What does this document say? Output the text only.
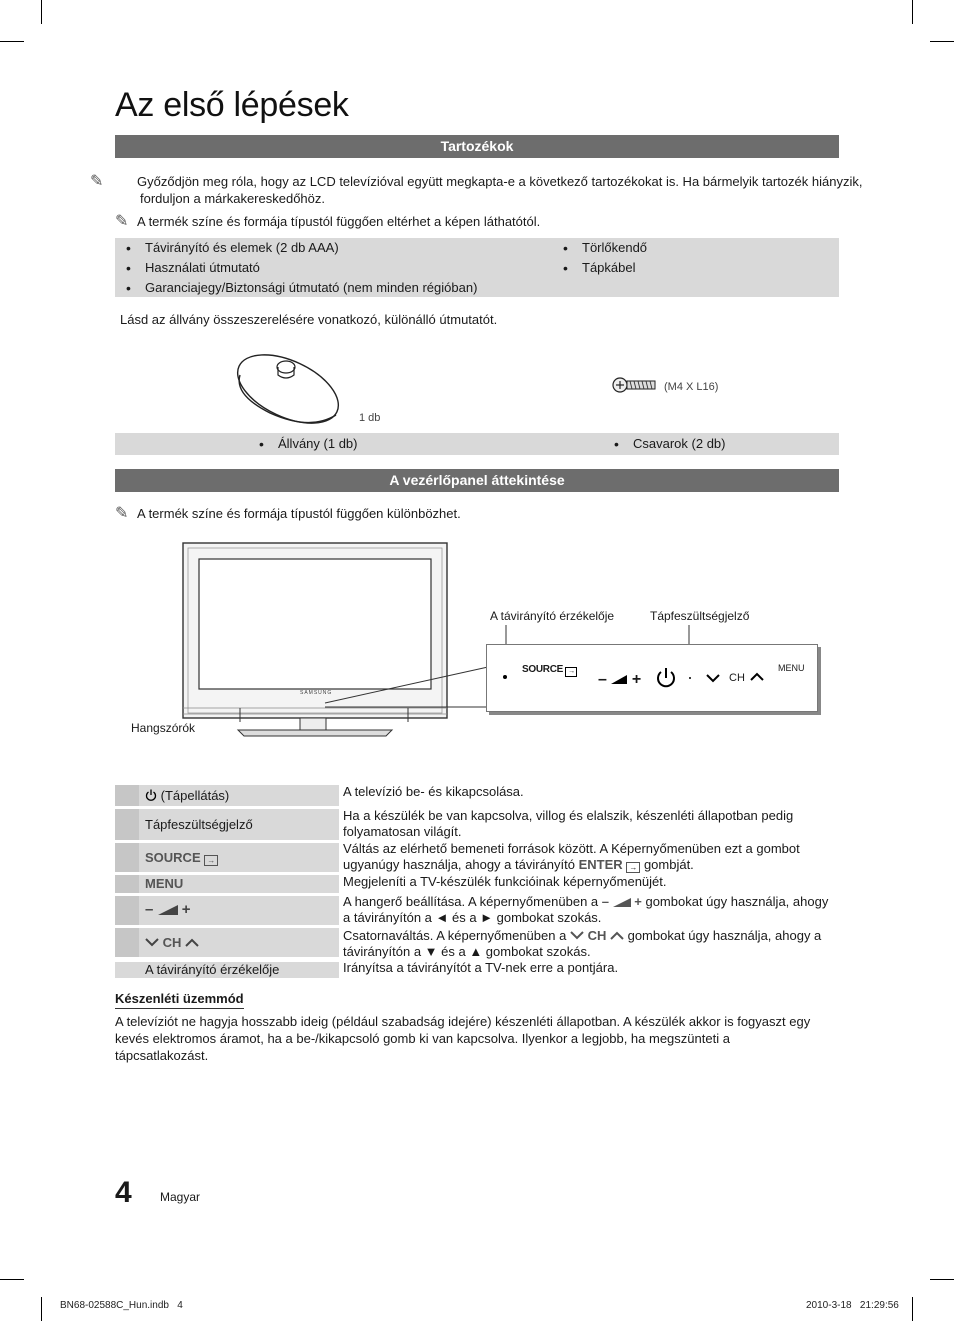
Az első lépések
Tartozékok
✎	Győződjön meg róla, hogy az LCD televízióval együtt megkapta-e a következő tartozékokat is. Ha bármelyik tartozék hiányzik, forduljon a márkakereskedőhöz.
✎ A termék színe és formája típustól függően eltérhet a képen láthatótól.
• Távirányító és elemek (2 db AAA)
• Használati útmutató
• Garanciajegy/Biztonsági útmutató (nem minden régióban)
• Törlőkendő
• Tápkábel
Lásd az állvány összeszerelésére vonatkozó, különálló útmutatót.
1 db
(M4 X L16)
• Állvány (1 db)
•	Csavarok (2 db)
A vezérlőpanel áttekintése
✎ A termék színe és formája típustól függően különbözhet.
SAMSUNG
A távirányító érzékelője	Tápfeszültségjelző
Hangszórók
SOURCE → – +	CH
MENU
(Tápellátás)	A televízió be- és kikapcsolása.
Tápfeszültségjelző
Ha a készülék be van kapcsolva, villog és elalszik, készenléti állapotban pedig folyamatosan világít.
SOURCE →
Váltás az elérhető bemeneti források között. A Képernyőmenüben ezt a gombot ugyanúgy használja, ahogy a távirányító ENTER → gombját.
MENU	Megjeleníti a TV-készülék funkcióinak képernyőmenüjét.
– +	A hangerő beállítása. A képernyőmenüben a – + gombokat úgy használja, ahogy a távirányítón a ◄ és a ► gombokat szokás.
CH	Csatornaváltás. A képernyőmenüben a CH gombokat úgy használja, ahogy a távirányítón a ▼ és a ▲ gombokat szokás.
A távirányító érzékelője	Irányítsa a távirányítót a TV-nek erre a pontjára.
Készenléti üzemmód
A televíziót ne hagyja hosszabb ideig (például szabadság idejére) készenléti állapotban. A készülék akkor is fogyaszt egy kevés elektromos áramot, ha a be-/kikapcsoló gomb ki van kapcsolva. Ilyenkor a legjobb, ha megszünteti a tápcsatlakozást.
4 Magyar
BN68-02588C_Hun.indb   4	2010-3-18   21:29:56
